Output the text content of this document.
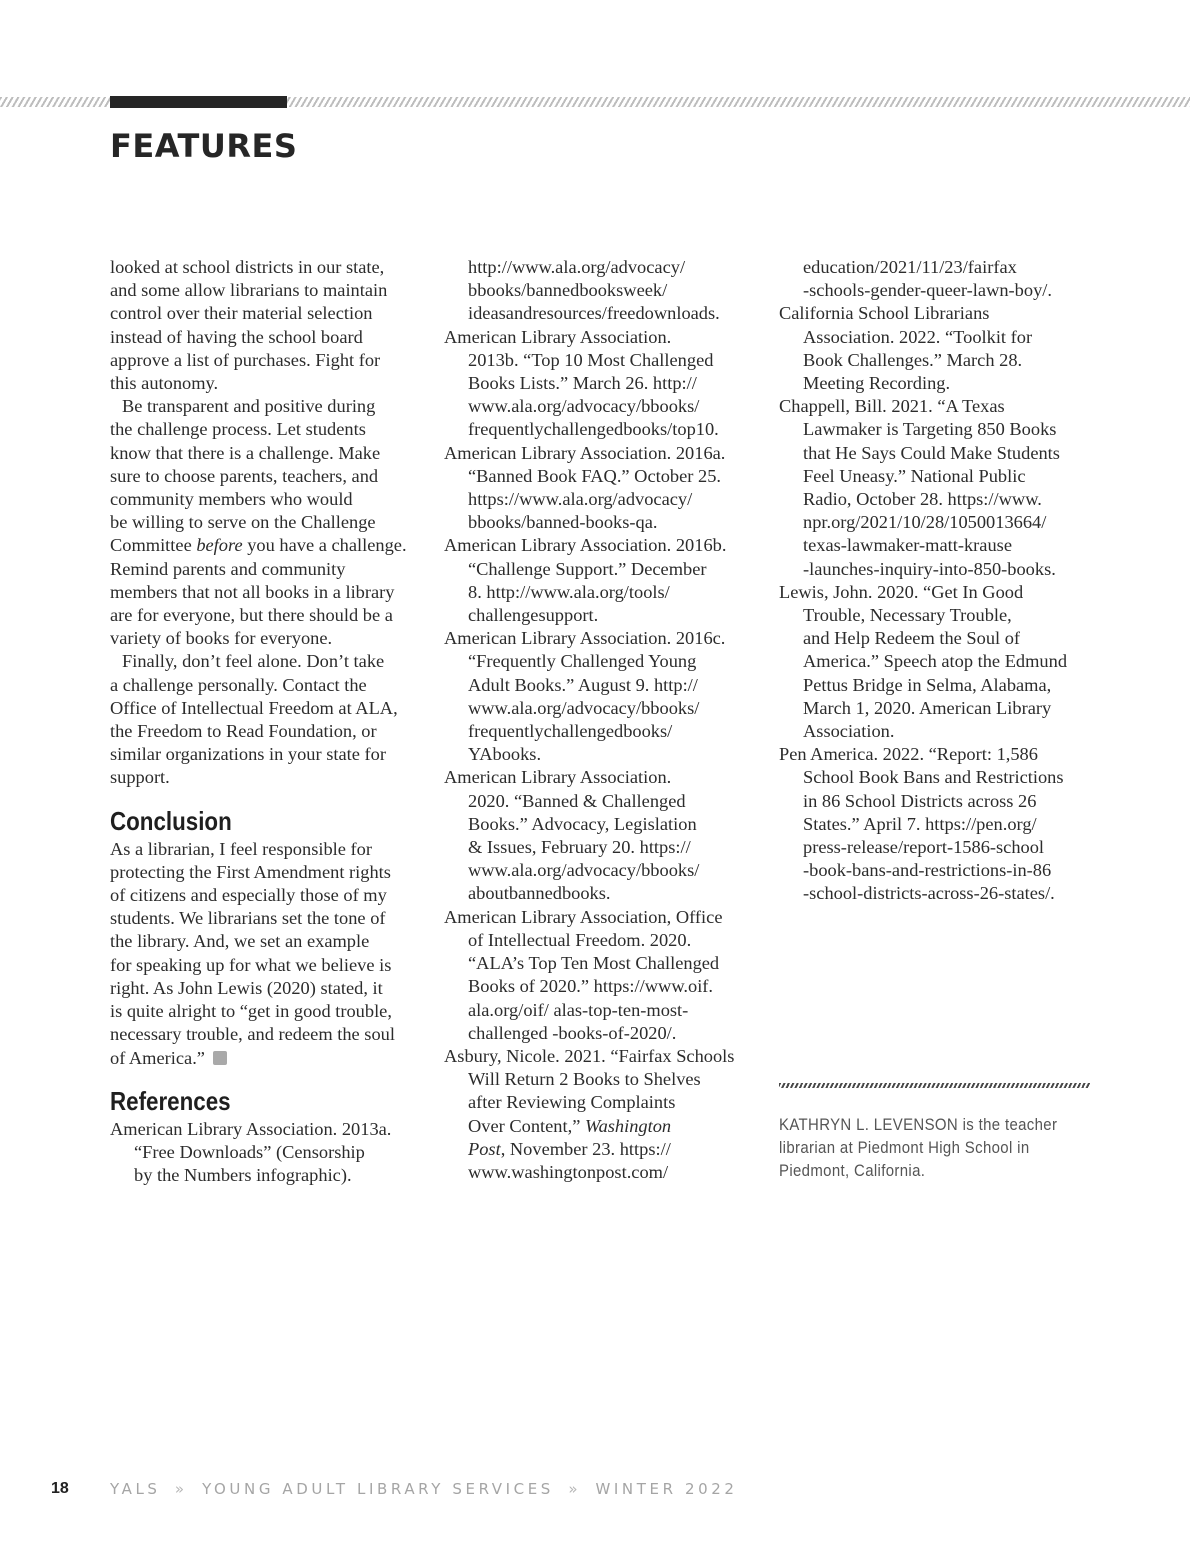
FEATURES

looked at school districts in our state,
and some allow librarians to maintain
control over their material selection
instead of having the school board
approve a list of purchases. Fight for
this autonomy.

Be transparent and positive during
the challenge process. Let students
know that there is a challenge. Make
sure to choose parents, teachers, and
community members who would
be willing to serve on the Challenge
Committee before you have a challenge.
Remind parents and community
members that not all books in a library
are for everyone, but there should be a
variety of books for everyone.

Finally, don’t feel alone. Don’t take
a challenge personally. Contact the
Office of Intellectual Freedom at ALA,
the Freedom to Read Foundation, or
similar organizations in your state for
support.

Conclusion

As a librarian, I feel responsible for
protecting the First Amendment rights
of citizens and especially those of my
students. We librarians set the tone of
the library. And, we set an example
for speaking up for what we believe is
right. As John Lewis (2020) stated, it
is quite alright to “get in good trouble,
necessary trouble, and redeem the soul
of America.”

References
American Library Association. 2013a.
“Free Downloads” (Censorship
by the Numbers infographic).
http://www.ala.org/advocacy/
bbooks/bannedbooksweek/
ideasandresources/freedownloads.
American Library Association.
2013b. “Top 10 Most Challenged
Books Lists.” March 26. http://
www.ala.org/advocacy/bbooks/
frequentlychallengedbooks/top10.
American Library Association. 2016a.
“Banned Book FAQ.” October 25.
https://www.ala.org/advocacy/
bbooks/banned-books-qa.
American Library Association. 2016b.
“Challenge Support.” December
8. http://www.ala.org/tools/
challengesupport.
American Library Association. 2016c.
“Frequently Challenged Young
Adult Books.” August 9. http://
www.ala.org/advocacy/bbooks/
frequentlychallengedbooks/
YAbooks.
American Library Association.
2020. “Banned & Challenged
Books.” Advocacy, Legislation
& Issues, February 20. https://
www.ala.org/advocacy/bbooks/
aboutbannedbooks.
American Library Association, Office
of Intellectual Freedom. 2020.
“ALA’s Top Ten Most Challenged
Books of 2020.” https://www.oif.
ala.org/oif/ alas-top-ten-most-
challenged -books-of-2020/.
Asbury, Nicole. 2021. “Fairfax Schools
Will Return 2 Books to Shelves
after Reviewing Complaints
Over Content,” Washington
Post, November 23. https://
www.washingtonpost.com/
education/2021/11/23/fairfax
-schools-gender-queer-lawn-boy/.
California School Librarians
Association. 2022. “Toolkit for
Book Challenges.” March 28.
Meeting Recording.
Chappell, Bill. 2021. “A Texas
Lawmaker is Targeting 850 Books
that He Says Could Make Students
Feel Uneasy.” National Public
Radio, October 28. https://www.
npr.org/2021/10/28/1050013664/
texas-lawmaker-matt-krause
-launches-inquiry-into-850-books.
Lewis, John. 2020. “Get In Good
Trouble, Necessary Trouble,
and Help Redeem the Soul of
America.” Speech atop the Edmund
Pettus Bridge in Selma, Alabama,
March 1, 2020. American Library
Association.
Pen America. 2022. “Report: 1,586
School Book Bans and Restrictions
in 86 School Districts across 26
States.” April 7. https://pen.org/
press-release/report-1586-school
-book-bans-and-restrictions-in-86
-school-districts-across-26-states/.
KATHRYN L. LEVENSON is the teacher
librarian at Piedmont High School in
Piedmont, California.
18	YALS » YOUNG ADULT LIBRARY SERVICES » WINTER 2022
